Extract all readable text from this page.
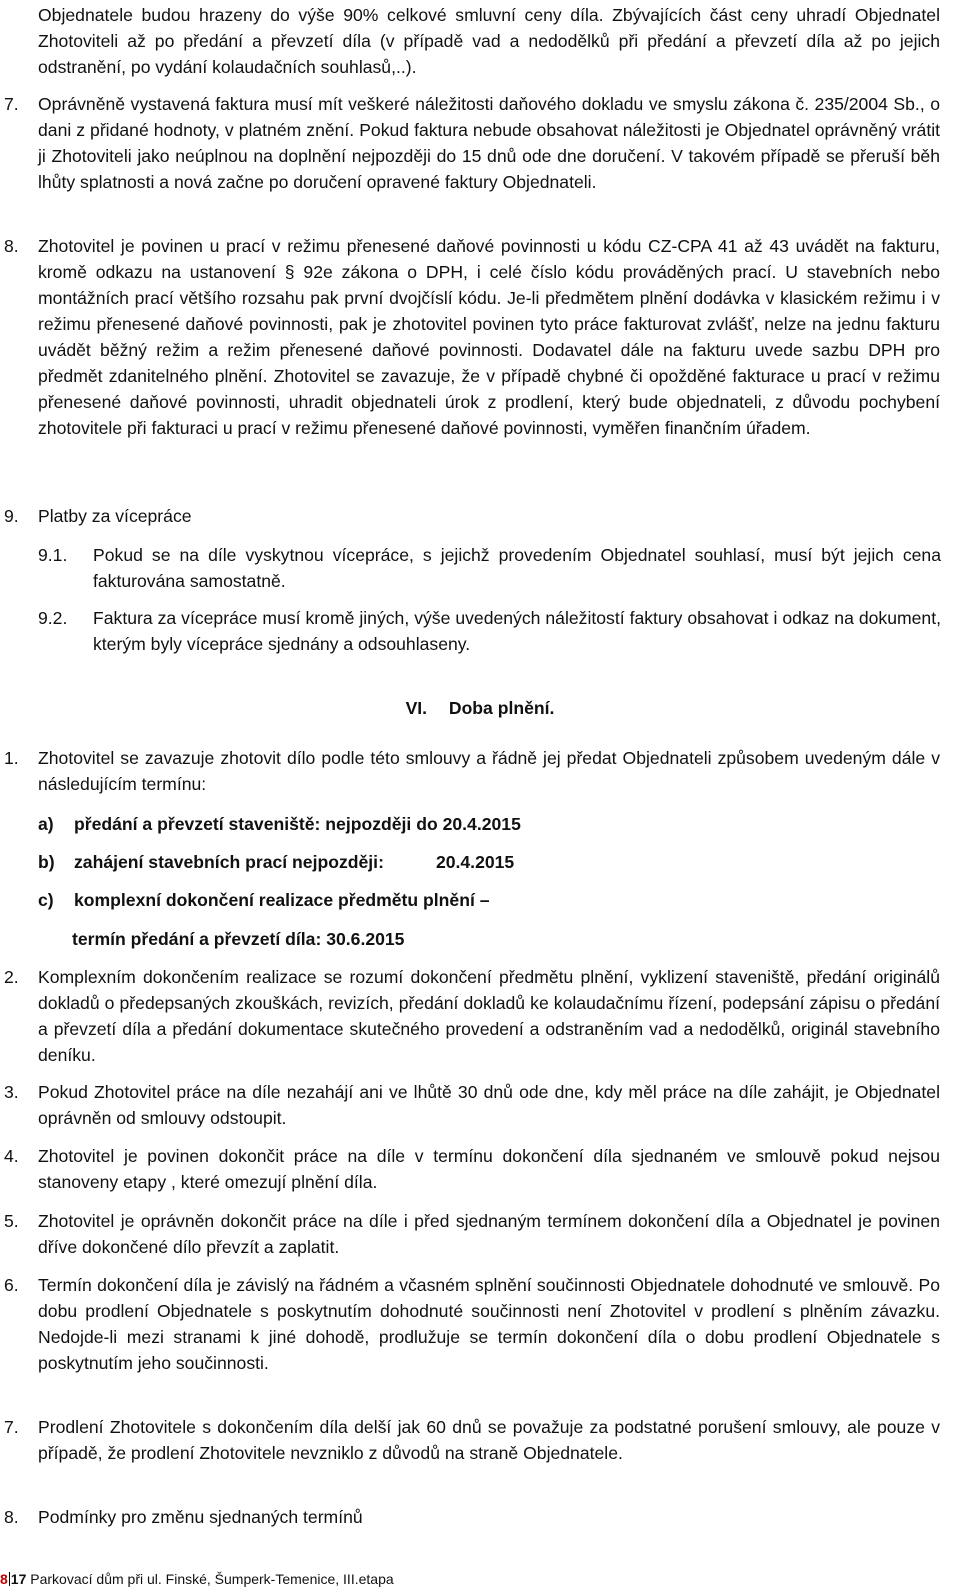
Objednatele budou hrazeny do výše 90% celkové smluvní ceny díla. Zbývajících část ceny uhradí Objednatel Zhotoviteli až po předání a převzetí díla (v případě vad a nedodělků při předání a převzetí díla až po jejich odstranění, po vydání kolaudačních souhlasů,..).
7.	Oprávněně vystavená faktura musí mít veškeré náležitosti daňového dokladu ve smyslu zákona č. 235/2004 Sb., o dani z přidané hodnoty, v platném znění. Pokud faktura nebude obsahovat náležitosti je Objednatel oprávněný vrátit ji Zhotoviteli jako neúplnou na doplnění nejpozději do 15 dnů ode dne doručení. V takovém případě se přeruší běh lhůty splatnosti a nová začne po doručení opravené faktury Objednateli.
8.	Zhotovitel je povinen u prací v režimu přenesené daňové povinnosti u kódu CZ-CPA 41 až 43 uvádět na fakturu, kromě odkazu na ustanovení § 92e zákona o DPH, i celé číslo kódu prováděných prací. U stavebních nebo montážních prací většího rozsahu pak první dvojčíslí kódu. Je-li předmětem plnění dodávka v klasickém režimu i v režimu přenesené daňové povinnosti, pak je zhotovitel povinen tyto práce fakturovat zvlášť, nelze na jednu fakturu uvádět běžný režim a režim přenesené daňové povinnosti. Dodavatel dále na fakturu uvede sazbu DPH pro předmět zdanitelného plnění. Zhotovitel se zavazuje, že v případě chybné či opožděné fakturace u prací v režimu přenesené daňové povinnosti, uhradit objednateli úrok z prodlení, který bude objednateli, z důvodu pochybení zhotovitele při fakturaci u prací v režimu přenesené daňové povinnosti, vyměřen finančním úřadem.
9.	Platby za vícepráce
9.1. Pokud se na díle vyskytnou vícepráce, s jejichž provedením Objednatel souhlasí, musí být jejich cena fakturována samostatně.
9.2. Faktura za vícepráce musí kromě jiných, výše uvedených náležitostí faktury obsahovat i odkaz na dokument, kterým byly vícepráce sjednány a odsouhlaseny.
VI. Doba plnění.
1.	Zhotovitel se zavazuje zhotovit dílo podle této smlouvy a řádně jej předat Objednateli způsobem uvedeným dále v následujícím termínu:
a) předání a převzetí staveniště: nejpozději do 20.4.2015
b) zahájení stavebních prací nejpozději:	20.4.2015
c) komplexní dokončení realizace předmětu plnění –
termín předání a převzetí díla: 30.6.2015
2.	Komplexním dokončením realizace se rozumí dokončení předmětu plnění, vyklizení staveniště, předání originálů dokladů o předepsaných zkouškách, revizích, předání dokladů ke kolaudačnímu řízení, podepsání zápisu o předání a převzetí díla a předání dokumentace skutečného provedení a odstraněním vad a nedodělků, originál stavebního deníku.
3.	Pokud Zhotovitel práce na díle nezahájí ani ve lhůtě 30 dnů ode dne, kdy měl práce na díle zahájit, je Objednatel oprávněn od smlouvy odstoupit.
4.	Zhotovitel je povinen dokončit práce na díle v termínu dokončení díla sjednaném ve smlouvě pokud nejsou stanoveny etapy , které omezují plnění díla.
5.	Zhotovitel je oprávněn dokončit práce na díle i před sjednaným termínem dokončení díla a Objednatel je povinen dříve dokončené dílo převzít a zaplatit.
6.	Termín dokončení díla je závislý na řádném a včasném splnění součinnosti Objednatele dohodnuté ve smlouvě. Po dobu prodlení Objednatele s poskytnutím dohodnuté součinnosti není Zhotovitel v prodlení s plněním závazku. Nedojde-li mezi stranami k jiné dohodě, prodlužuje se termín dokončení díla o dobu prodlení Objednatele s poskytnutím jeho součinnosti.
7.	Prodlení Zhotovitele s dokončením díla delší jak 60 dnů se považuje za podstatné porušení smlouvy, ale pouze v případě, že prodlení Zhotovitele nevzniklo z důvodů na straně Objednatele.
8.	Podmínky pro změnu sjednaných termínů
8 17 Parkovací dům při ul. Finské, Šumperk-Temenice, III.etapa
